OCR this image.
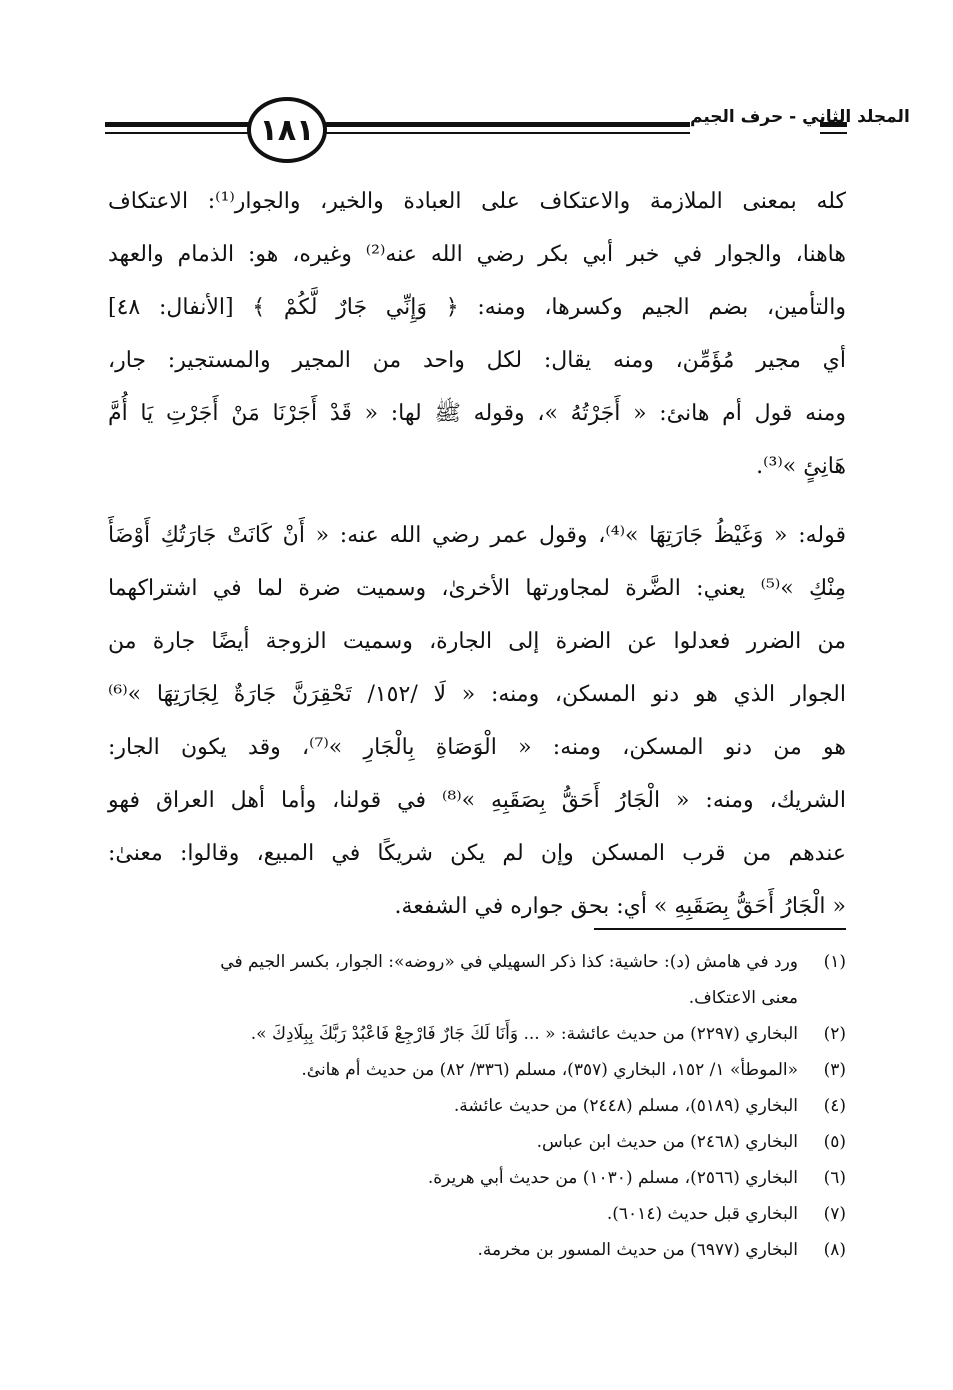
١٨١	المجلد الثاني - حرف الجيم
كله بمعنى الملازمة والاعتكاف على العبادة والخير، والجوار⁽¹⁾: الاعتكاف
هاهنا، والجوار في خبر أبي بكر رضي الله عنه⁽²⁾ وغيره، هو: الذمام والعهد
والتأمين، بضم الجيم وكسرها، ومنه: ﴿ وَإِنِّي جَارٌ لَّكُمْ ﴾ [الأنفال: ٤٨]
أي مجير مُؤَمِّن، ومنه يقال: لكل واحد من المجير والمستجير: جار،
ومنه قول أم هانئ: « أَجَرْتُهُ »، وقوله ﷺ لها: « قَدْ أَجَرْنَا مَنْ أَجَرْتِ يَا أُمَّ
هَانِئٍ »⁽³⁾.
قوله: « وَغَيْظُ جَارَتِهَا »⁽⁴⁾، وقول عمر رضي الله عنه: « أَنْ كَانَتْ جَارَتُكِ أَوْضَأَ
مِنْكِ »⁽⁵⁾ يعني: الضَّرة لمجاورتها الأخرىٰ، وسميت ضرة لما في اشتراكهما
من الضرر فعدلوا عن الضرة إلى الجارة، وسميت الزوجة أيضًا جارة من
الجوار الذي هو دنو المسكن، ومنه: « لَا /١٥٢/ تَحْقِرَنَّ جَارَةٌ لِجَارَتِهَا »⁽⁶⁾
هو من دنو المسكن، ومنه: « الْوَصَاةِ بِالْجَارِ »⁽⁷⁾، وقد يكون الجار:
الشريك، ومنه: « الْجَارُ أَحَقُّ بِصَقَبِهِ »⁽⁸⁾ في قولنا، وأما أهل العراق فهو
عندهم من قرب المسكن وإن لم يكن شريكًا في المبيع، وقالوا: معنىٰ:
« الْجَارُ أَحَقُّ بِصَقَبِهِ » أي: بحق جواره في الشفعة.
(١)
ورد في هامش (د): حاشية: كذا ذكر السهيلي في «روضه»: الجوار، بكسر الجيم في
معنى الاعتكاف.
(٢)
البخاري (٢٢٩٧) من حديث عائشة: « ... وَأَنَا لَكَ جَارٌ فَارْجِعْ فَاعْبُدْ رَبَّكَ بِبِلَادِكَ ».
(٣)
«الموطأ» ١/ ١٥٢، البخاري (٣٥٧)، مسلم (٣٣٦/ ٨٢) من حديث أم هانئ.
(٤)
البخاري (٥١٨٩)، مسلم (٢٤٤٨) من حديث عائشة.
(٥)
البخاري (٢٤٦٨) من حديث ابن عباس.
(٦)
البخاري (٢٥٦٦)، مسلم (١٠٣٠) من حديث أبي هريرة.
(٧)
البخاري قبل حديث (٦٠١٤).
(٨)
البخاري (٦٩٧٧) من حديث المسور بن مخرمة.
